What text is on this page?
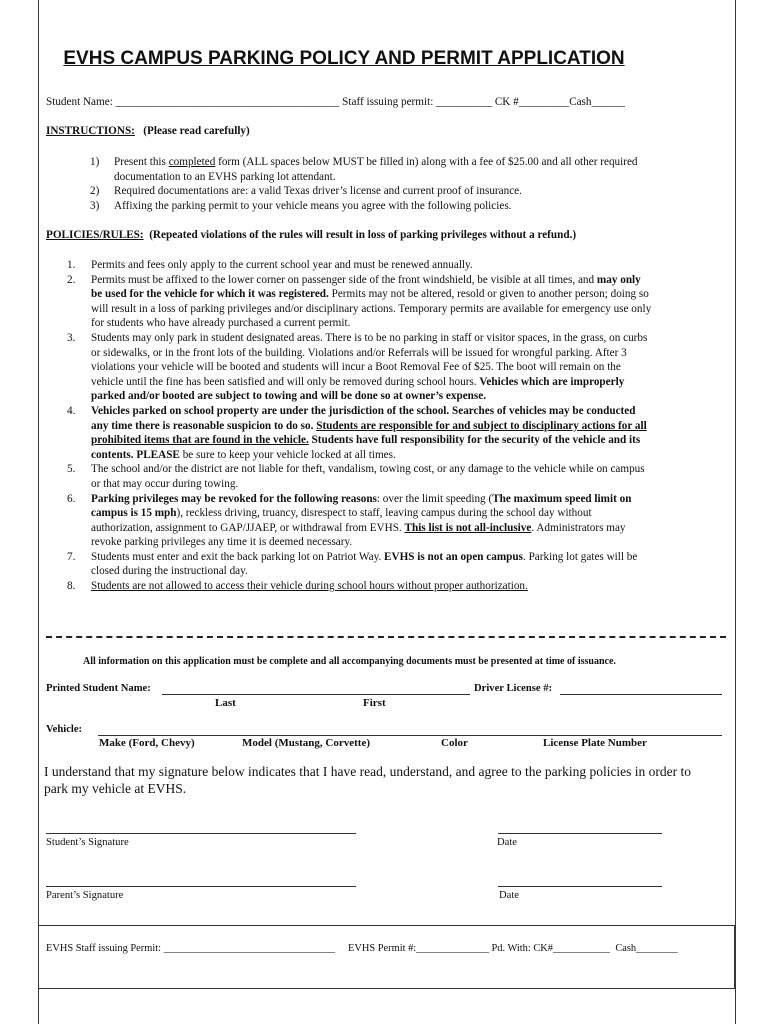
EVHS CAMPUS PARKING POLICY AND PERMIT APPLICATION
Student Name: ________________________________________ Staff issuing permit: __________ CK #_________Cash______
INSTRUCTIONS: (Please read carefully)
1) Present this completed form (ALL spaces below MUST be filled in) along with a fee of $25.00 and all other required
documentation to an EVHS parking lot attendant.
2) Required documentations are: a valid Texas driver’s license and current proof of insurance.
3) Affixing the parking permit to your vehicle means you agree with the following policies.
POLICIES/RULES: (Repeated violations of the rules will result in loss of parking privileges without a refund.)
1. Permits and fees only apply to the current school year and must be renewed annually.
2. Permits must be affixed to the lower corner on passenger side of the front windshield, be visible at all times, and may only
be used for the vehicle for which it was registered. Permits may not be altered, resold or given to another person; doing so
will result in a loss of parking privileges and/or disciplinary actions. Temporary permits are available for emergency use only
for students who have already purchased a current permit.
3. Students may only park in student designated areas. There is to be no parking in staff or visitor spaces, in the grass, on curbs
or sidewalks, or in the front lots of the building. Violations and/or Referrals will be issued for wrongful parking. After 3
violations your vehicle will be booted and students will incur a Boot Removal Fee of $25. The boot will remain on the
vehicle until the fine has been satisfied and will only be removed during school hours. Vehicles which are improperly
parked and/or booted are subject to towing and will be done so at owner’s expense.
4. Vehicles parked on school property are under the jurisdiction of the school. Searches of vehicles may be conducted
any time there is reasonable suspicion to do so. Students are responsible for and subject to disciplinary actions for all
prohibited items that are found in the vehicle. Students have full responsibility for the security of the vehicle and its
contents. PLEASE be sure to keep your vehicle locked at all times.
5. The school and/or the district are not liable for theft, vandalism, towing cost, or any damage to the vehicle while on campus
or that may occur during towing.
6. Parking privileges may be revoked for the following reasons: over the limit speeding (The maximum speed limit on
campus is 15 mph), reckless driving, truancy, disrespect to staff, leaving campus during the school day without
authorization, assignment to GAP/JJAEP, or withdrawal from EVHS. This list is not all-inclusive. Administrators may
revoke parking privileges any time it is deemed necessary.
7. Students must enter and exit the back parking lot on Patriot Way. EVHS is not an open campus. Parking lot gates will be
closed during the instructional day.
8. Students are not allowed to access their vehicle during school hours without proper authorization.
All information on this application must be complete and all accompanying documents must be presented at time of issuance.
Printed Student Name:	Driver License #:
Last	First
Vehicle:
Make (Ford, Chevy)	Model (Mustang, Corvette)	Color	License Plate Number
I understand that my signature below indicates that I have read, understand, and agree to the parking policies in order to
park my vehicle at EVHS.
Student’s Signature	Date
Parent’s Signature	Date
EVHS Staff issuing Permit: _________________________________ EVHS Permit #:______________ Pd. With: CK#___________ Cash________
